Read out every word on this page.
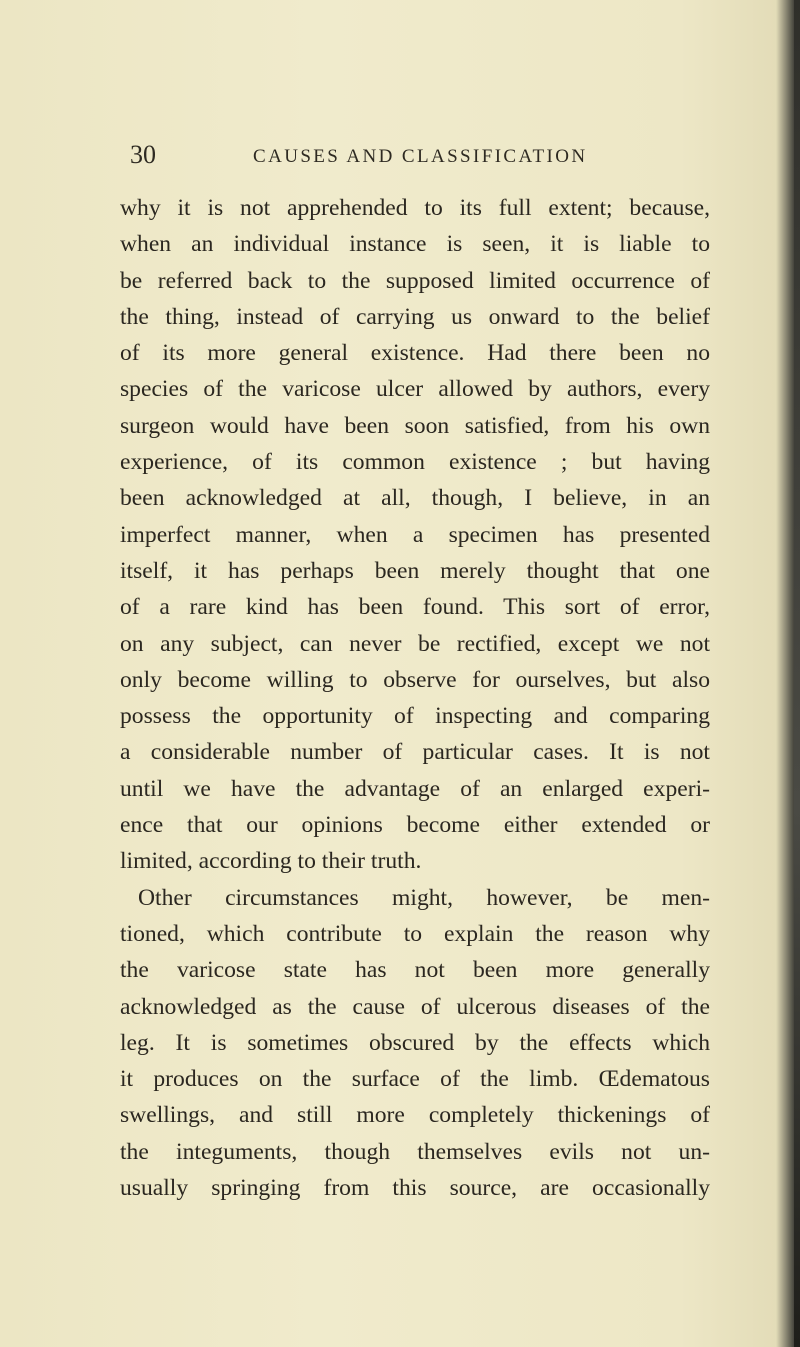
30	CAUSES AND CLASSIFICATION
why it is not apprehended to its full extent; because,
when an individual instance is seen, it is liable to
be referred back to the supposed limited occurrence of
the thing, instead of carrying us onward to the belief
of its more general existence. Had there been no
species of the varicose ulcer allowed by authors, every
surgeon would have been soon satisfied, from his own
experience, of its common existence ; but having
been acknowledged at all, though, I believe, in an
imperfect manner, when a specimen has presented
itself, it has perhaps been merely thought that one
of a rare kind has been found. This sort of error,
on any subject, can never be rectified, except we not
only become willing to observe for ourselves, but also
possess the opportunity of inspecting and comparing
a considerable number of particular cases. It is not
until we have the advantage of an enlarged experi-
ence that our opinions become either extended or
limited, according to their truth.
Other circumstances might, however, be men-
tioned, which contribute to explain the reason why
the varicose state has not been more generally
acknowledged as the cause of ulcerous diseases of the
leg. It is sometimes obscured by the effects which
it produces on the surface of the limb. Œdematous
swellings, and still more completely thickenings of
the integuments, though themselves evils not un-
usually springing from this source, are occasionally
